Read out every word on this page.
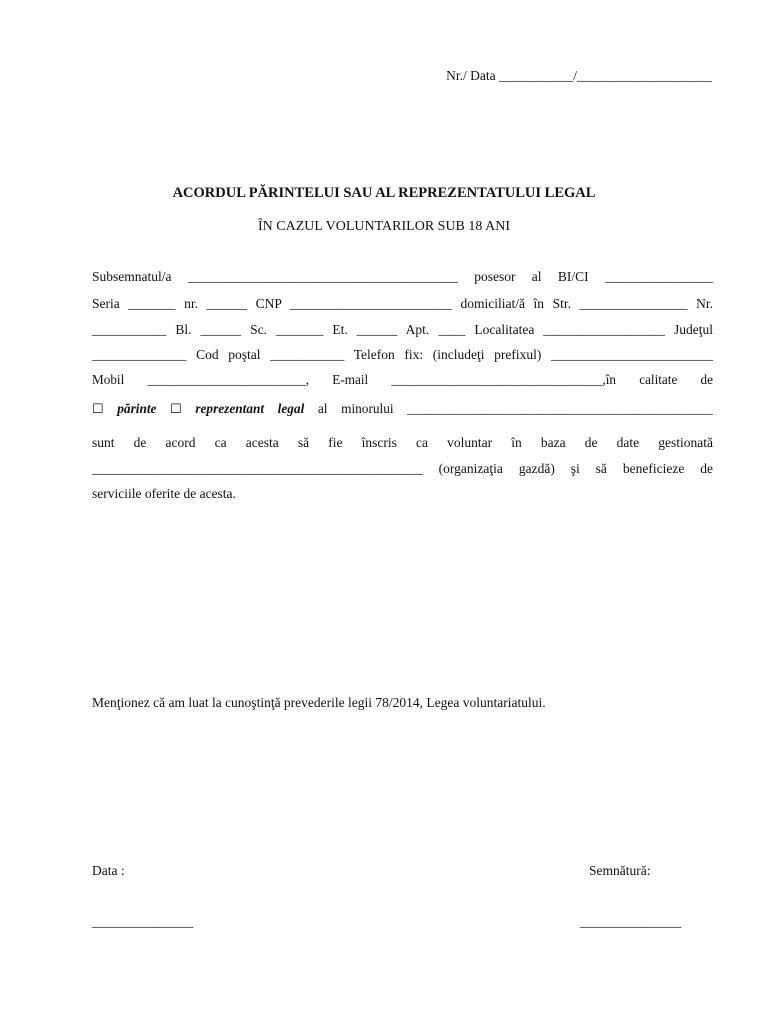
Nr./ Data ___________/____________________
ACORDUL PĂRINTELUI SAU AL REPREZENTATULUI LEGAL
ÎN CAZUL VOLUNTARILOR SUB 18 ANI
Subsemnatul/a ________________________________________ posesor al BI/CI ________________
Seria _______ nr. ______ CNP ________________________ domiciliat/ă în Str. ________________ Nr.
___________ Bl. ______ Sc. _______ Et. ______ Apt. ____ Localitatea __________________ Judeţul
______________ Cod poştal ___________ Telefon fix: (includeţi prefixul) ________________________
Mobil ________________________, E-mail ________________________________,în calitate de
☐ părinte ☐ reprezentant legal al minorului ______________________________________________
sunt de acord ca acesta să fie înscris ca voluntar în baza de date gestionată
_________________________________________________ (organizaţia gazdă) şi să beneficieze de
serviciile oferite de acesta.
Menţionez că am luat la cunoştinţă prevederile legii 78/2014, Legea voluntariatului.
Data :	Semnătură:
_______________	_______________
